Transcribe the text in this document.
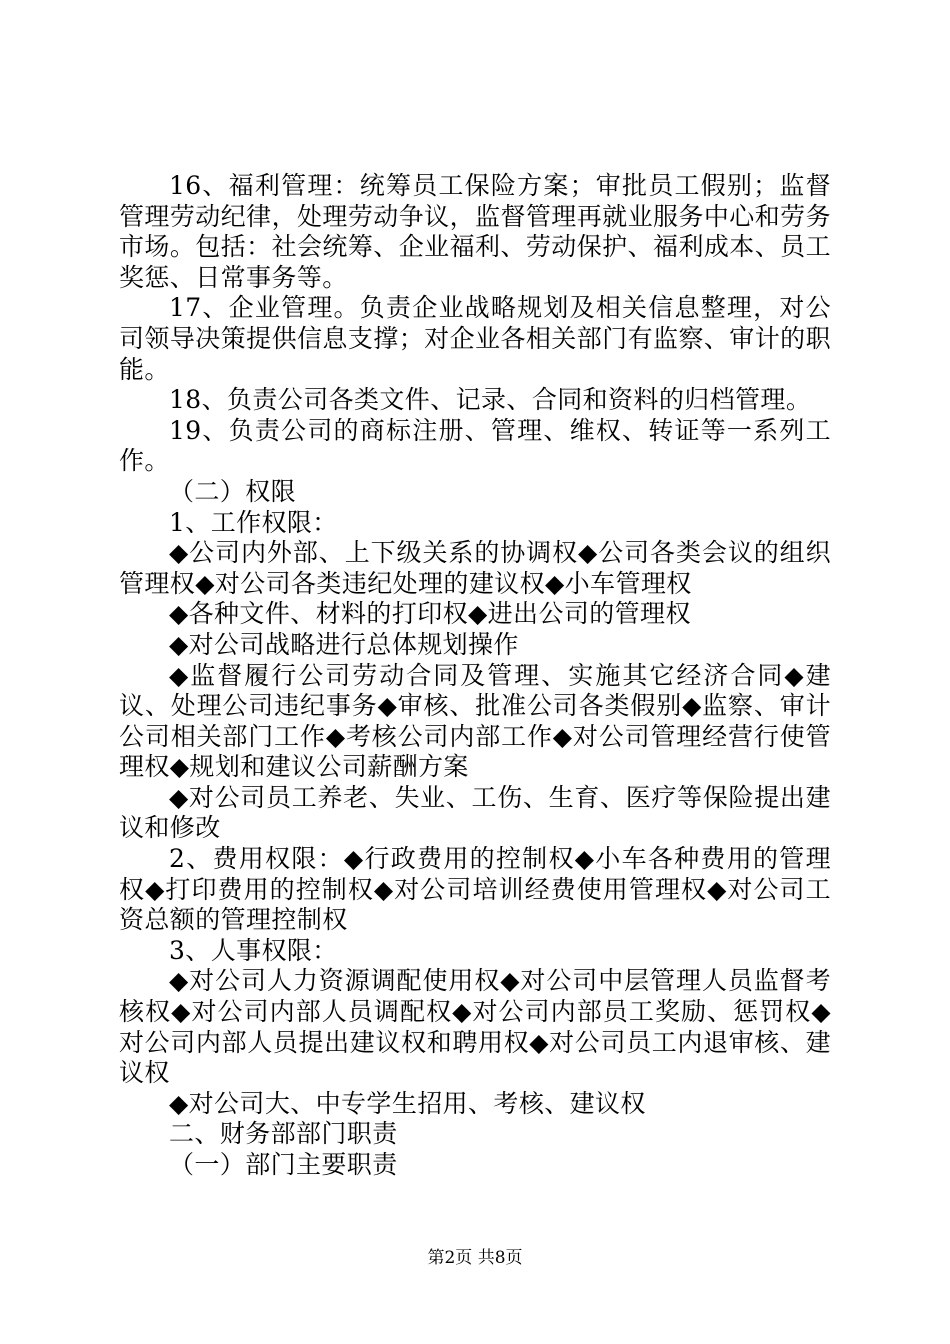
16、福利管理：统筹员工保险方案；审批员工假别；监督管理劳动纪律，处理劳动争议，监督管理再就业服务中心和劳务市场。包括：社会统筹、企业福利、劳动保护、福利成本、员工奖惩、日常事务等。

17、企业管理。负责企业战略规划及相关信息整理，对公司领导决策提供信息支撑；对企业各相关部门有监察、审计的职能。

18、负责公司各类文件、记录、合同和资料的归档管理。

19、负责公司的商标注册、管理、维权、转证等一系列工作。

（二）权限

1、工作权限：

◆公司内外部、上下级关系的协调权◆公司各类会议的组织管理权◆对公司各类违纪处理的建议权◆小车管理权

◆各种文件、材料的打印权◆进出公司的管理权

◆对公司战略进行总体规划操作

◆监督履行公司劳动合同及管理、实施其它经济合同◆建议、处理公司违纪事务◆审核、批准公司各类假别◆监察、审计公司相关部门工作◆考核公司内部工作◆对公司管理经营行使管理权◆规划和建议公司薪酬方案

◆对公司员工养老、失业、工伤、生育、医疗等保险提出建议和修改

2、费用权限：◆行政费用的控制权◆小车各种费用的管理权◆打印费用的控制权◆对公司培训经费使用管理权◆对公司工资总额的管理控制权

3、人事权限：

◆对公司人力资源调配使用权◆对公司中层管理人员监督考核权◆对公司内部人员调配权◆对公司内部员工奖励、惩罚权◆对公司内部人员提出建议权和聘用权◆对公司员工内退审核、建议权

◆对公司大、中专学生招用、考核、建议权

二、财务部部门职责

（一）部门主要职责

第2页 共8页
